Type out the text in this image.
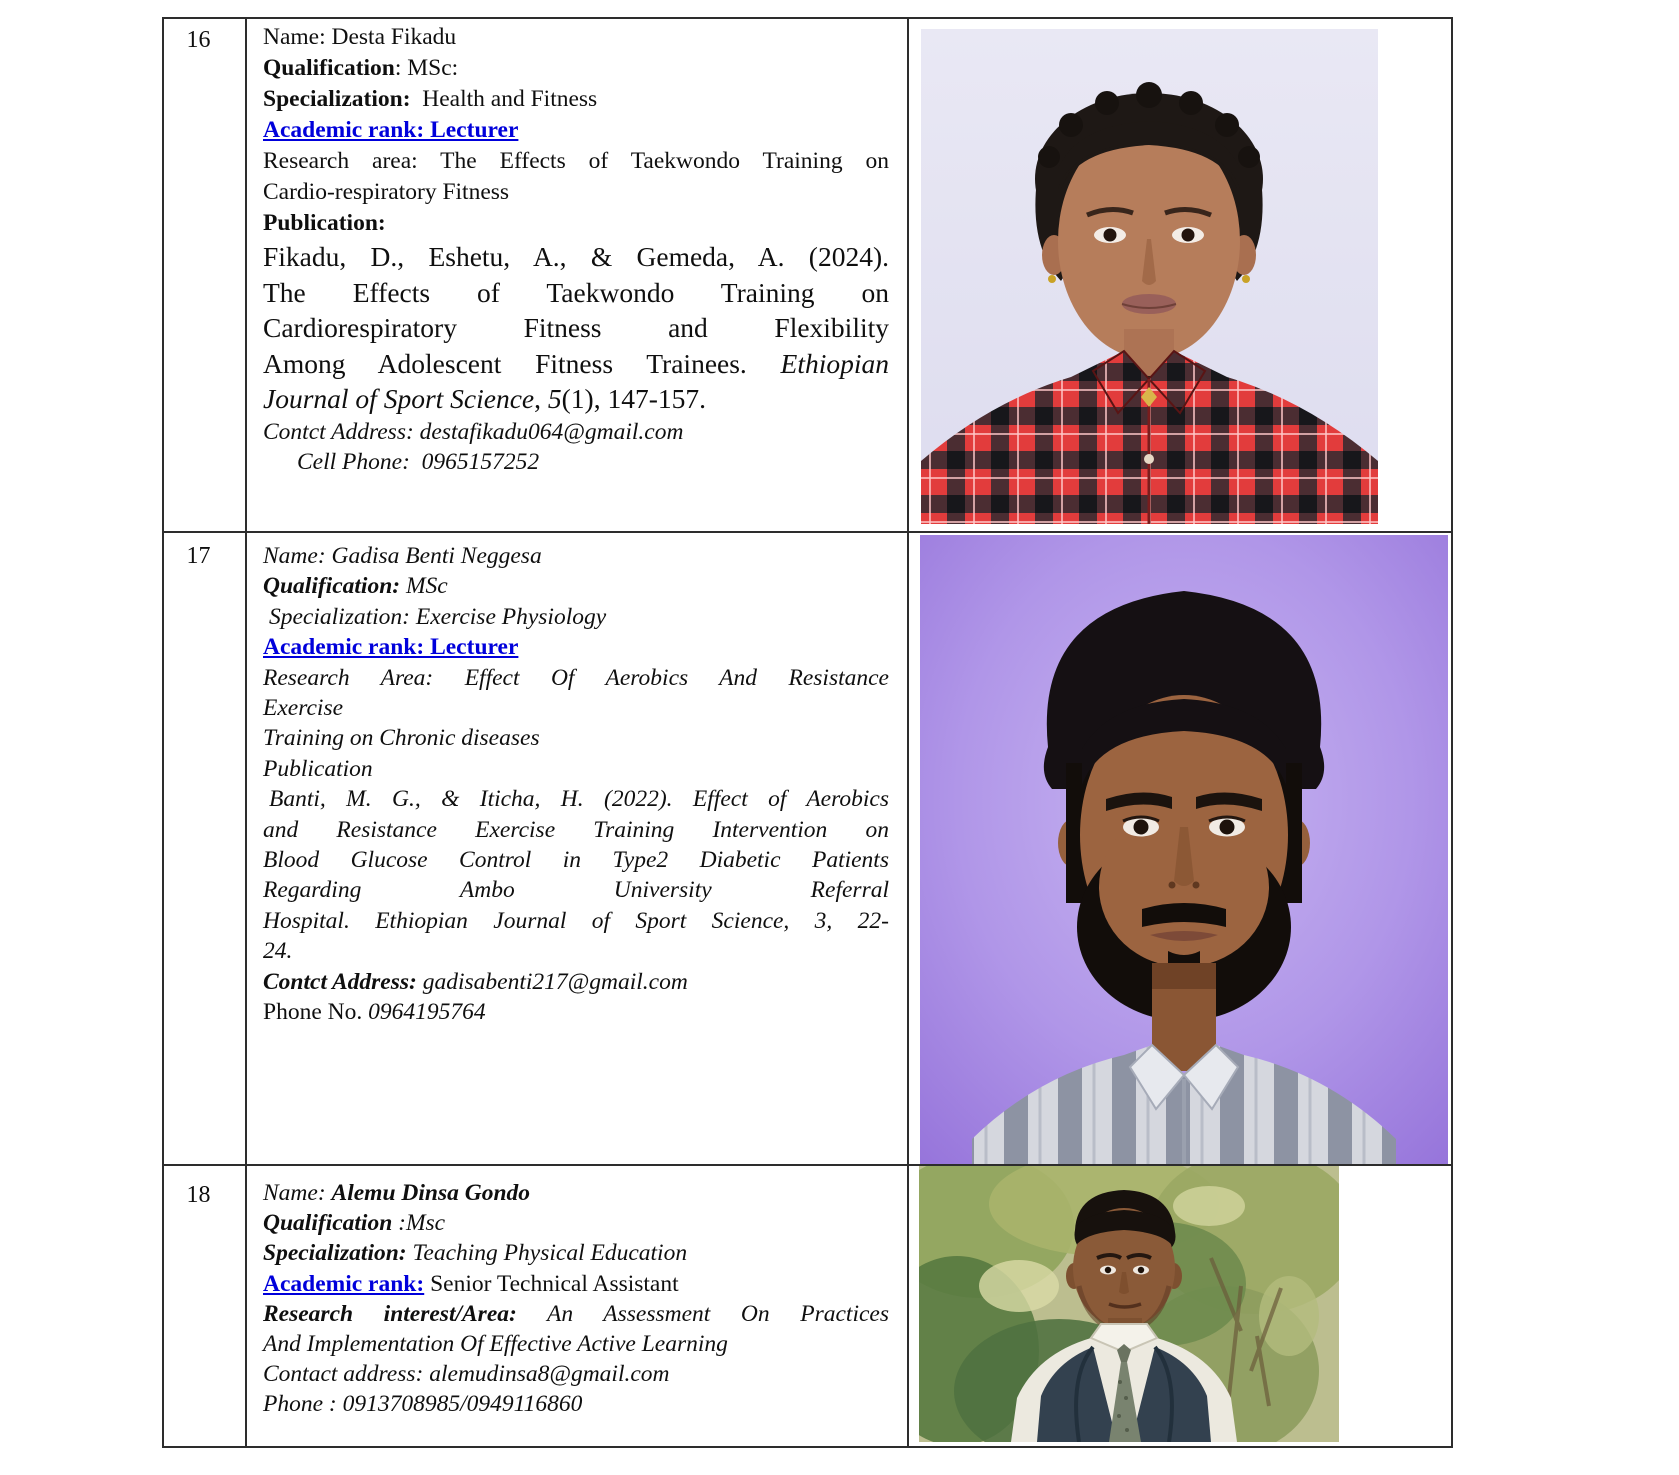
16	Name: Desta Fikadu

Qualification: MSc:

Specialization:  Health and Fitness

Academic rank: Lecturer

Research area: The Effects of Taekwondo Training on

Cardio-respiratory Fitness

Publication:

Fikadu, D., Eshetu, A., & Gemeda, A. (2024).

The Effects of Taekwondo Training on

Cardiorespiratory Fitness and Flexibility

Among Adolescent Fitness Trainees. Ethiopian

Journal of Sport Science, 5(1), 147-157.

Contct Address: destafikadu064@gmail.com

Cell Phone:  0965157252

17	Name: Gadisa Benti Neggesa

Qualification: MSc

Specialization: Exercise Physiology

Academic rank: Lecturer

Research Area: Effect Of Aerobics And Resistance

Exercise

Training on Chronic diseases

Publication

Banti, M. G., & Iticha, H. (2022). Effect of Aerobics

and Resistance Exercise Training Intervention on

Blood Glucose Control in Type2 Diabetic Patients

Regarding Ambo University Referral

Hospital. Ethiopian Journal of Sport Science, 3, 22-

24.

Contct Address: gadisabenti217@gmail.com

Phone No. 0964195764

18	Name: Alemu Dinsa Gondo

Qualification :Msc

Specialization: Teaching Physical Education

Academic rank: Senior Technical Assistant

Research interest/Area: An Assessment On Practices

And Implementation Of Effective Active Learning

Contact address: alemudinsa8@gmail.com

Phone : 0913708985/0949116860
